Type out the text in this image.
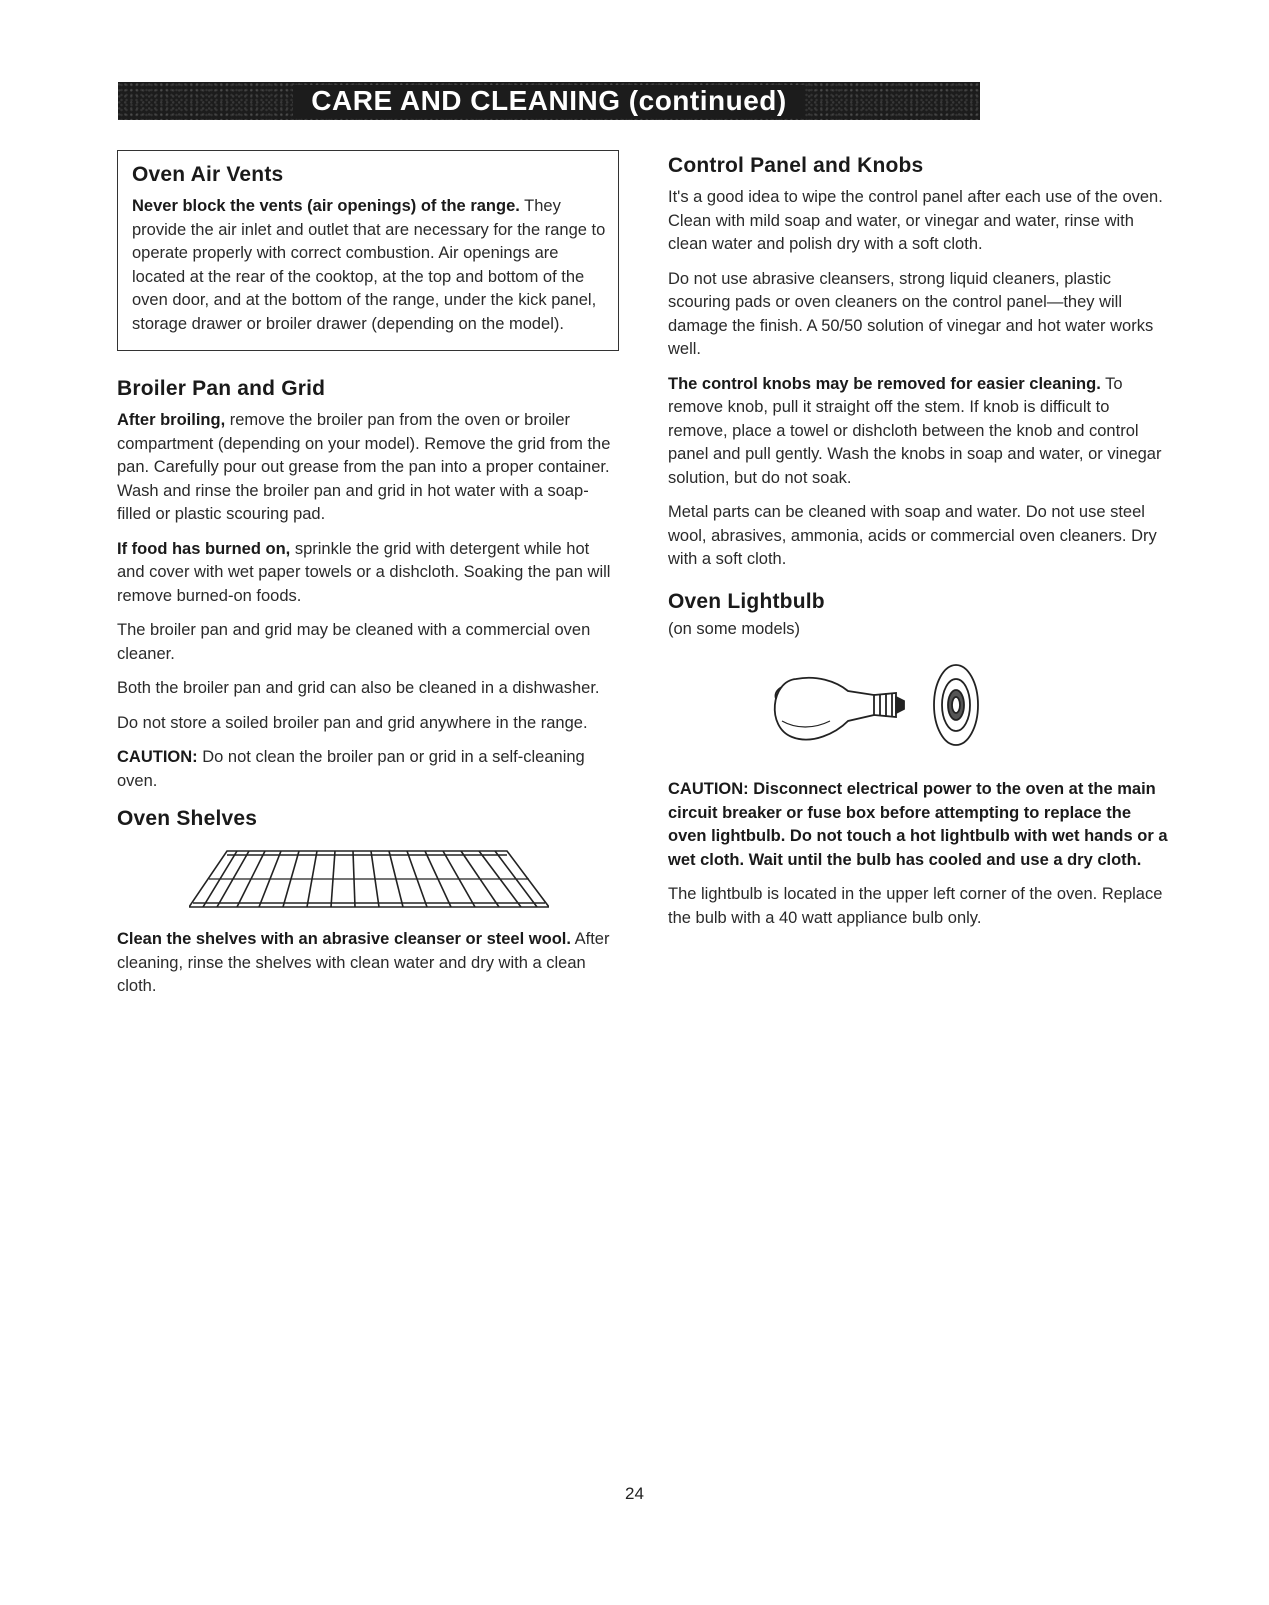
CARE AND CLEANING (continued)
Oven Air Vents

Never block the vents (air openings) of the range. They provide the air inlet and outlet that are necessary for the range to operate properly with correct combustion. Air openings are located at the rear of the cooktop, at the top and bottom of the oven door, and at the bottom of the range, under the kick panel, storage drawer or broiler drawer (depending on the model).

Broiler Pan and Grid

After broiling, remove the broiler pan from the oven or broiler compartment (depending on your model). Remove the grid from the pan. Carefully pour out grease from the pan into a proper container. Wash and rinse the broiler pan and grid in hot water with a soap-filled or plastic scouring pad.

If food has burned on, sprinkle the grid with detergent while hot and cover with wet paper towels or a dishcloth. Soaking the pan will remove burned-on foods.

The broiler pan and grid may be cleaned with a commercial oven cleaner.

Both the broiler pan and grid can also be cleaned in a dishwasher.

Do not store a soiled broiler pan and grid anywhere in the range.

CAUTION: Do not clean the broiler pan or grid in a self-cleaning oven.

Oven Shelves

Clean the shelves with an abrasive cleanser or steel wool. After cleaning, rinse the shelves with clean water and dry with a clean cloth.

Control Panel and Knobs

It's a good idea to wipe the control panel after each use of the oven. Clean with mild soap and water, or vinegar and water, rinse with clean water and polish dry with a soft cloth.

Do not use abrasive cleansers, strong liquid cleaners, plastic scouring pads or oven cleaners on the control panel—they will damage the finish. A 50/50 solution of vinegar and hot water works well.

The control knobs may be removed for easier cleaning. To remove knob, pull it straight off the stem. If knob is difficult to remove, place a towel or dishcloth between the knob and control panel and pull gently. Wash the knobs in soap and water, or vinegar solution, but do not soak.

Metal parts can be cleaned with soap and water. Do not use steel wool, abrasives, ammonia, acids or commercial oven cleaners. Dry with a soft cloth.

Oven Lightbulb

(on some models)

CAUTION: Disconnect electrical power to the oven at the main circuit breaker or fuse box before attempting to replace the oven lightbulb. Do not touch a hot lightbulb with wet hands or a wet cloth. Wait until the bulb has cooled and use a dry cloth.

The lightbulb is located in the upper left corner of the oven. Replace the bulb with a 40 watt appliance bulb only.

24
